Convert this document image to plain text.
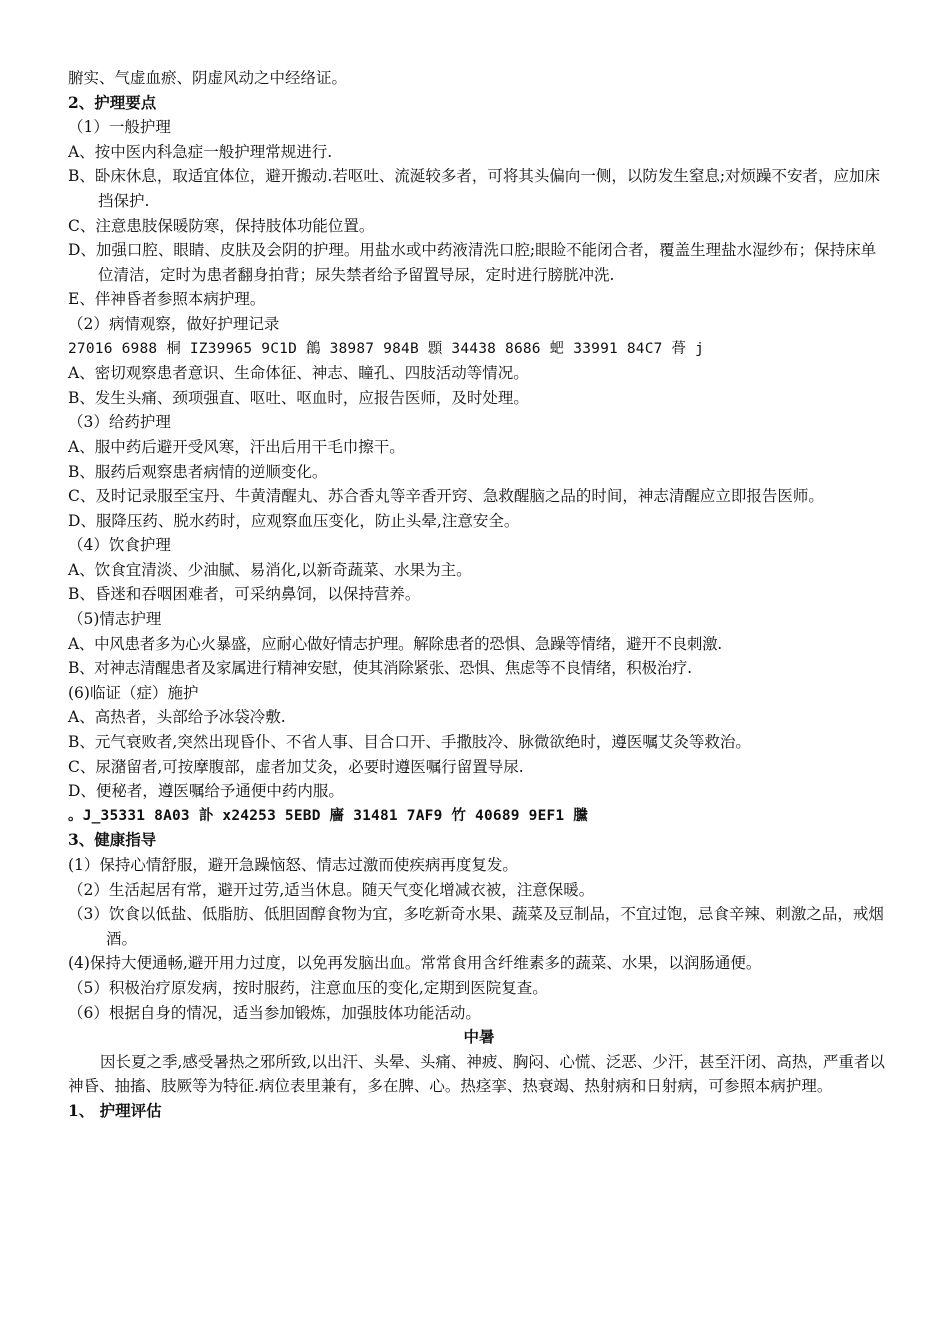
腑实、气虚血瘀、阴虚风动之中经络证。
2、护理要点
（1）一般护理
A、按中医内科急症一般护理常规进行.
B、卧床休息，取适宜体位，避开搬动.若呕吐、流涎较多者，可将其头偏向一侧，以防发生窒息;对烦躁不安者，应加床挡保护.
C、注意患肢保暖防寒，保持肢体功能位置。
D、加强口腔、眼睛、皮肤及会阴的护理。用盐水或中药液清洗口腔;眼睑不能闭合者，覆盖生理盐水湿纱布；保持床单位清洁，定时为患者翻身拍背；尿失禁者给予留置导尿，定时进行膀胱冲洗.
E、伴神昏者参照本病护理。
（2）病情观察，做好护理记录
27016 6988 桐 IZ39965 9C1D 鶬 38987 984B 顋 34438 8686 蚆 33991 84C7 蓇 j
A、密切观察患者意识、生命体征、神志、瞳孔、四肢活动等情况。
B、发生头痛、颈项强直、呕吐、呕血时，应报告医师，及时处理。
（3）给药护理
A、服中药后避开受风寒，汗出后用干毛巾擦干。
B、服药后观察患者病情的逆顺变化。
C、及时记录服至宝丹、牛黄清醒丸、苏合香丸等辛香开窍、急救醒脑之品的时间，神志清醒应立即报告医师。
D、服降压药、脱水药时，应观察血压变化，防止头晕,注意安全。
（4）饮食护理
A、饮食宜清淡、少油腻、易消化,以新奇蔬菜、水果为主。
B、昏迷和吞咽困难者，可采纳鼻饲，以保持营养。
（5)情志护理
A、中风患者多为心火暴盛，应耐心做好情志护理。解除患者的恐惧、急躁等情绪，避开不良刺激.
B、对神志清醒患者及家属进行精神安慰，使其消除紧张、恐惧、焦虑等不良情绪，积极治疗.
(6)临证（症）施护
A、高热者，头部给予冰袋冷敷.
B、元气衰败者,突然出现昏仆、不省人事、目合口开、手撒肢冷、脉微欲绝时，遵医嘱艾灸等救治。
C、尿潴留者,可按摩腹部，虚者加艾灸，必要时遵医嘱行留置导尿.
D、便秘者，遵医嘱给予通便中药内服。
。J_35331 8A03 訃 x24253 5EBD 廧 31481 7AF9 竹 40689 9EF1 黱
3、健康指导
(1）保持心情舒服，避开急躁恼怒、情志过激而使疾病再度复发。
（2）生活起居有常，避开过劳,适当休息。随天气变化增减衣被，注意保暖。
（3）饮食以低盐、低脂肪、低胆固醇食物为宜，多吃新奇水果、蔬菜及豆制品，不宜过饱，忌食辛辣、刺激之品，戒烟酒。
(4)保持大便通畅,避开用力过度，以免再发脑出血。常常食用含纤维素多的蔬菜、水果，以润肠通便。
（5）积极治疗原发病，按时服药，注意血压的变化,定期到医院复查。
（6）根据自身的情况，适当参加锻炼，加强肢体功能活动。
中暑
因长夏之季,感受暑热之邪所致,以出汗、头晕、头痛、神疲、胸闷、心慌、泛恶、少汗，甚至汗闭、高热，严重者以神昏、抽搐、肢厥等为特征.病位表里兼有，多在脾、心。热痉挛、热衰竭、热射病和日射病，可参照本病护理。
1、 护理评估
